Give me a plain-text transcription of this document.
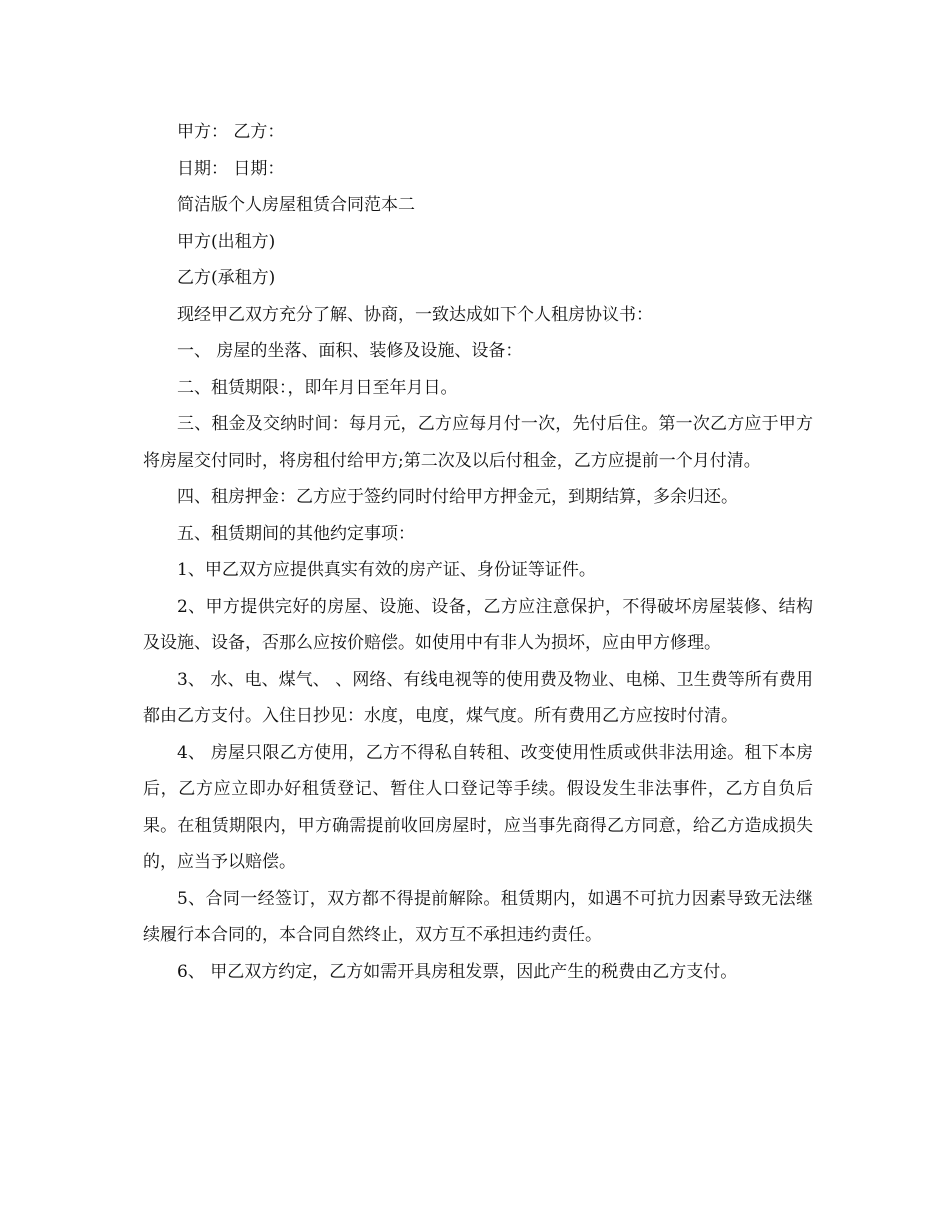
甲方： 乙方：

日期： 日期：

简洁版个人房屋租赁合同范本二

甲方(出租方)

乙方(承租方)

现经甲乙双方充分了解、协商，一致达成如下个人租房协议书：

一、 房屋的坐落、面积、装修及设施、设备：

二、租赁期限：，即年月日至年月日。

三、租金及交纳时间：每月元，乙方应每月付一次，先付后住。第一次乙方应于甲方将房屋交付同时，将房租付给甲方;第二次及以后付租金，乙方应提前一个月付清。

四、租房押金：乙方应于签约同时付给甲方押金元，到期结算，多余归还。

五、租赁期间的其他约定事项：

1、甲乙双方应提供真实有效的房产证、身份证等证件。

2、甲方提供完好的房屋、设施、设备，乙方应注意保护，不得破坏房屋装修、结构及设施、设备，否那么应按价赔偿。如使用中有非人为损坏，应由甲方修理。

3、 水、电、煤气、 、网络、有线电视等的使用费及物业、电梯、卫生费等所有费用都由乙方支付。入住日抄见：水度，电度，煤气度。所有费用乙方应按时付清。

4、 房屋只限乙方使用，乙方不得私自转租、改变使用性质或供非法用途。租下本房后，乙方应立即办好租赁登记、暂住人口登记等手续。假设发生非法事件，乙方自负后果。在租赁期限内，甲方确需提前收回房屋时，应当事先商得乙方同意，给乙方造成损失的，应当予以赔偿。

5、合同一经签订，双方都不得提前解除。租赁期内，如遇不可抗力因素导致无法继续履行本合同的，本合同自然终止，双方互不承担违约责任。

6、 甲乙双方约定，乙方如需开具房租发票，因此产生的税费由乙方支付。
